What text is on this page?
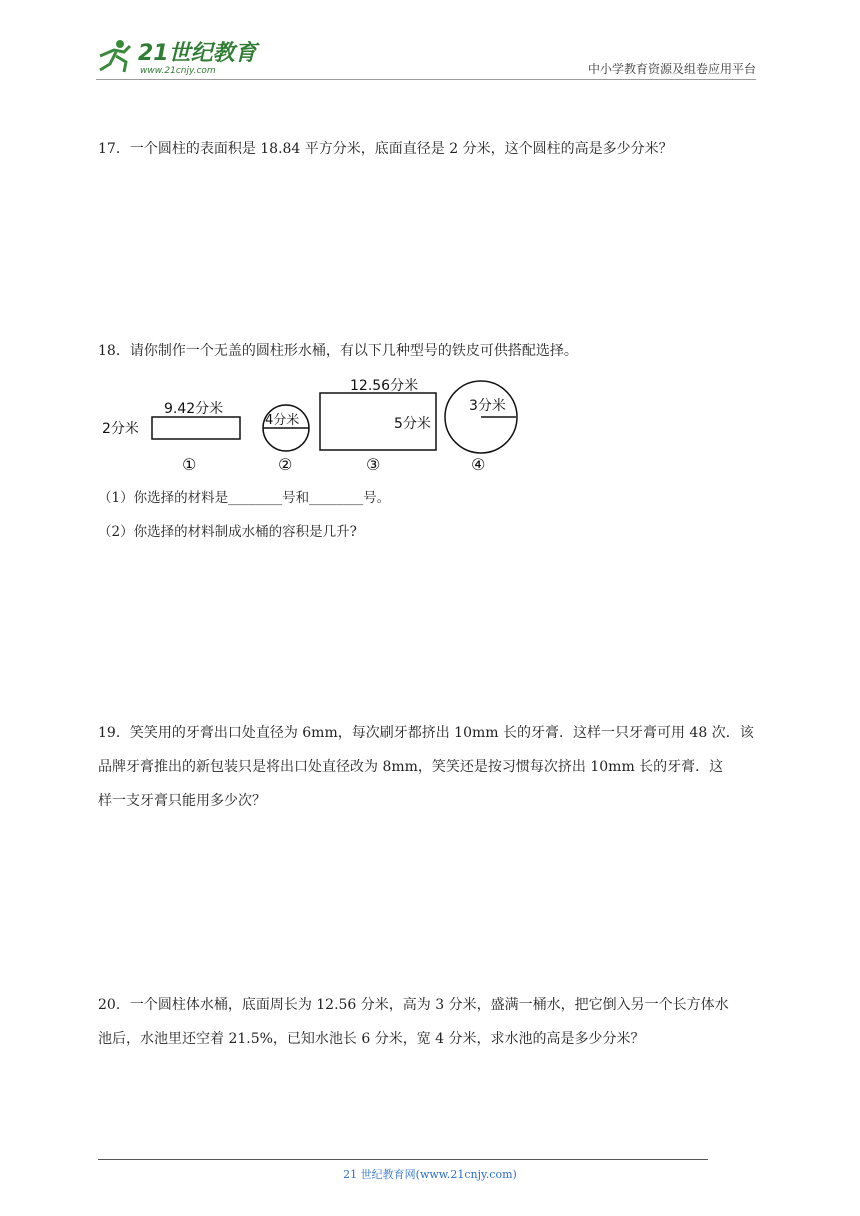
21世纪教育
www.21cnjy.com	中小学教育资源及组卷应用平台
17．一个圆柱的表面积是 18.84 平方分米，底面直径是 2 分米，这个圆柱的高是多少分米？
18．请你制作一个无盖的圆柱形水桶，有以下几种型号的铁皮可供搭配选择。
2分米
9.42分米
①
4分米
②
12.56分米
5分米
③
3分米
④
（1）你选择的材料是________号和________号。
（2）你选择的材料制成水桶的容积是几升?
19．笑笑用的牙膏出口处直径为 6mm，每次刷牙都挤出 10mm 长的牙膏．这样一只牙膏可用 48 次．该
品牌牙膏推出的新包装只是将出口处直径改为 8mm，笑笑还是按习惯每次挤出 10mm 长的牙膏．这
样一支牙膏只能用多少次？
20．一个圆柱体水桶，底面周长为 12.56 分米，高为 3 分米，盛满一桶水，把它倒入另一个长方体水
池后，水池里还空着 21.5%，已知水池长 6 分米，宽 4 分米，求水池的高是多少分米？
21 世纪教育网(www.21cnjy.com)
